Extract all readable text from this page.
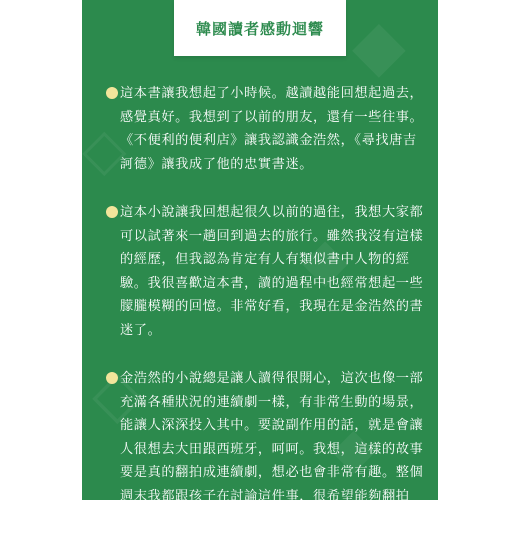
◆
◇
◆
◇
◆
韓國讀者感動迴響
這本書讓我想起了小時候。越讀越能回想起過去，感覺真好。我想到了以前的朋友，還有一些往事。《不便利的便利店》讓我認識金浩然，《尋找唐吉訶德》讓我成了他的忠實書迷。
這本小說讓我回想起很久以前的過往，我想大家都可以試著來一趟回到過去的旅行。雖然我沒有這樣的經歷，但我認為肯定有人有類似書中人物的經驗。我很喜歡這本書，讀的過程中也經常想起一些朦朧模糊的回憶。非常好看，我現在是金浩然的書迷了。
金浩然的小說總是讓人讀得很開心，這次也像一部充滿各種狀況的連續劇一樣，有非常生動的場景，能讓人深深投入其中。要說副作用的話，就是會讓人很想去大田跟西班牙，呵呵。我想，這樣的故事要是真的翻拍成連續劇，想必也會非常有趣。整個週末我都跟孩子在討論這件事，很希望能夠翻拍呢。
